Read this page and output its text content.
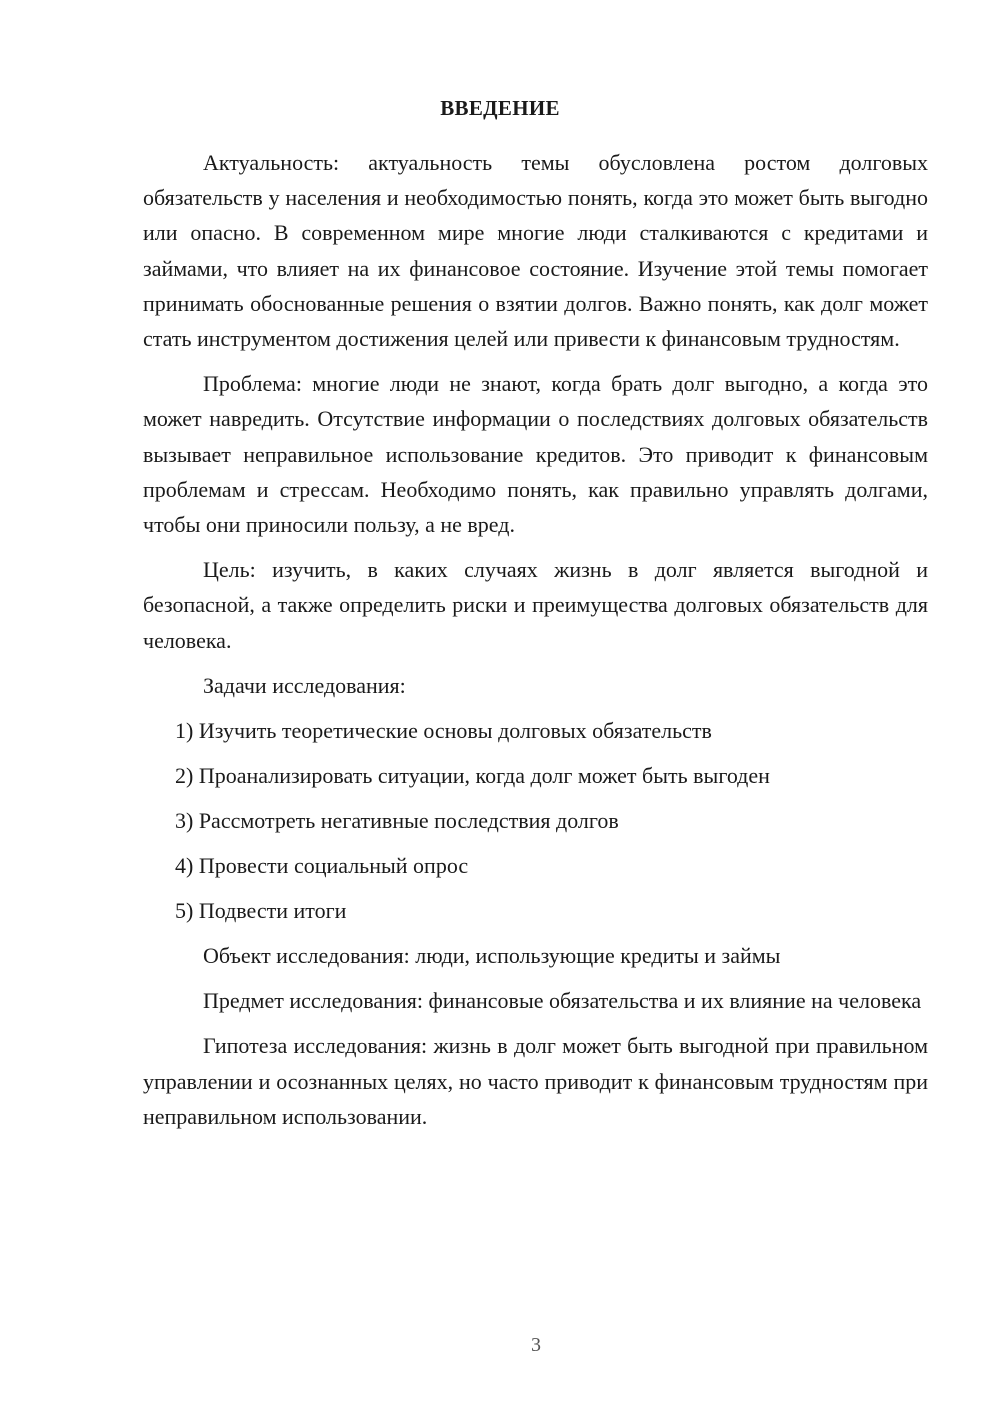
ВВЕДЕНИЕ

Актуальность: актуальность темы обусловлена ростом долговых обязательств у населения и необходимостью понять, когда это может быть выгодно или опасно. В современном мире многие люди сталкиваются с кредитами и займами, что влияет на их финансовое состояние. Изучение этой темы помогает принимать обоснованные решения о взятии долгов. Важно понять, как долг может стать инструментом достижения целей или привести к финансовым трудностям.

Проблема: многие люди не знают, когда брать долг выгодно, а когда это может навредить. Отсутствие информации о последствиях долговых обязательств вызывает неправильное использование кредитов. Это приводит к финансовым проблемам и стрессам. Необходимо понять, как правильно управлять долгами, чтобы они приносили пользу, а не вред.

Цель: изучить, в каких случаях жизнь в долг является выгодной и безопасной, а также определить риски и преимущества долговых обязательств для человека.

Задачи исследования:

1) Изучить теоретические основы долговых обязательств

2) Проанализировать ситуации, когда долг может быть выгоден

3) Рассмотреть негативные последствия долгов

4) Провести социальный опрос

5) Подвести итоги

Объект исследования: люди, использующие кредиты и займы

Предмет исследования: финансовые обязательства и их влияние на человека

Гипотеза исследования: жизнь в долг может быть выгодной при правильном управлении и осознанных целях, но часто приводит к финансовым трудностям при неправильном использовании.

3
